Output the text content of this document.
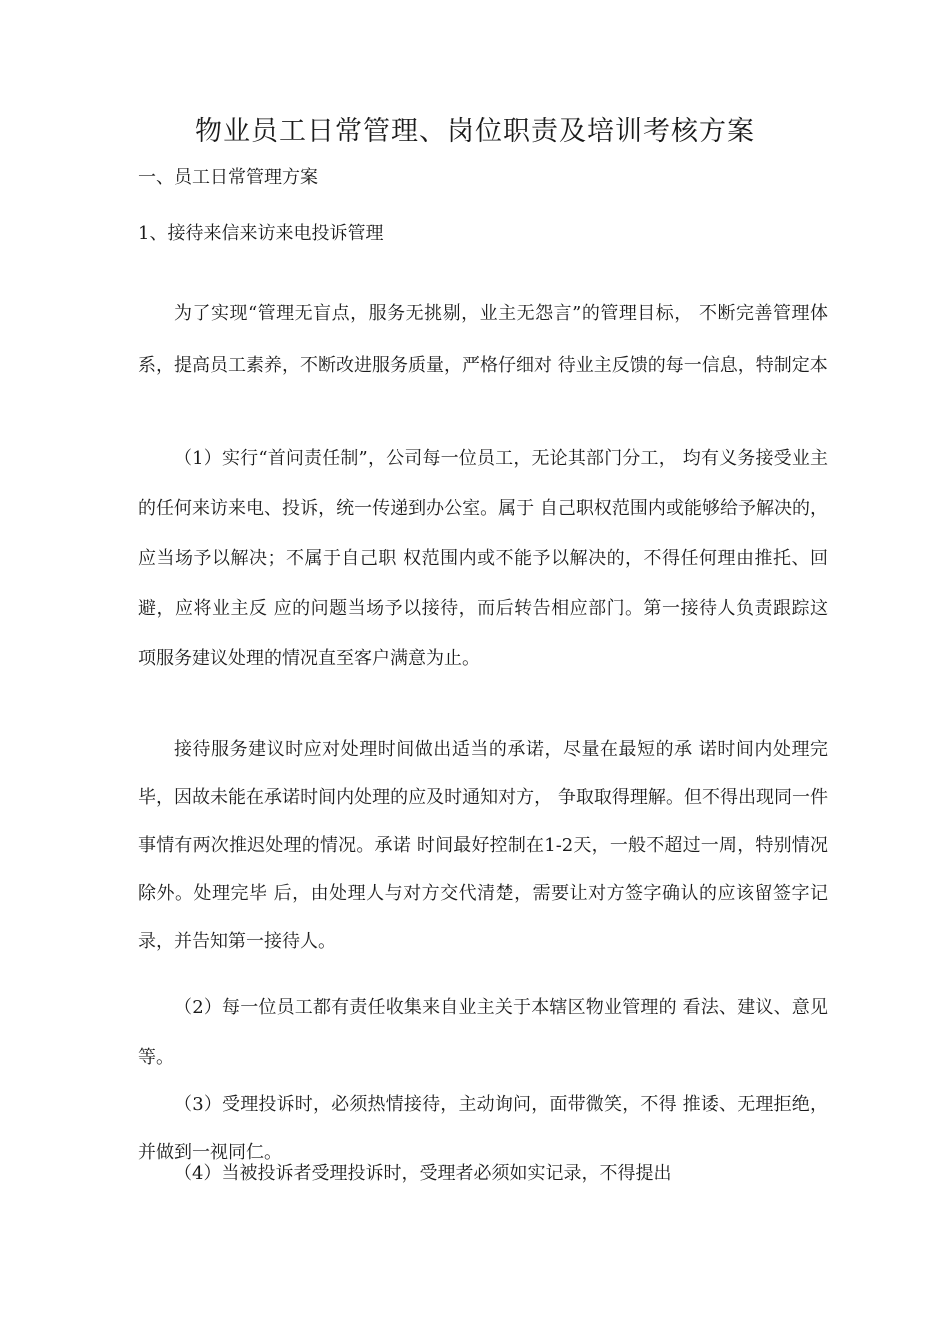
物业员工日常管理、岗位职责及培训考核方案
一、员工日常管理方案
1、接待来信来访来电投诉管理

为了实现“管理无盲点，服务无挑剔，业主无怨言”的管理目标， 不断完善管理体系，提高员工素养，不断改进服务质量，严格仔细对 待业主反馈的每一信息，特制定本

（1）实行“首问责任制”，公司每一位员工，无论其部门分工， 均有义务接受业主的任何来访来电、投诉，统一传递到办公室。属于 自己职权范围内或能够给予解决的，应当场予以解决；不属于自己职 权范围内或不能予以解决的，不得任何理由推托、回避，应将业主反 应的问题当场予以接待，而后转告相应部门。第一接待人负责跟踪这 项服务建议处理的情况直至客户满意为止。

接待服务建议时应对处理时间做出适当的承诺，尽量在最短的承 诺时间内处理完毕，因故未能在承诺时间内处理的应及时通知对方， 争取取得理解。但不得出现同一件事情有两次推迟处理的情况。承诺 时间最好控制在1-2天，一般不超过一周，特别情况除外。处理完毕 后，由处理人与对方交代清楚，需要让对方签字确认的应该留签字记 录，并告知第一接待人。

（2）每一位员工都有责任收集来自业主关于本辖区物业管理的 看法、建议、意见等。

（3）受理投诉时，必须热情接待，主动询问，面带微笑，不得 推诿、无理拒绝，并做到一视同仁。

（4）当被投诉者受理投诉时，受理者必须如实记录，不得提出
